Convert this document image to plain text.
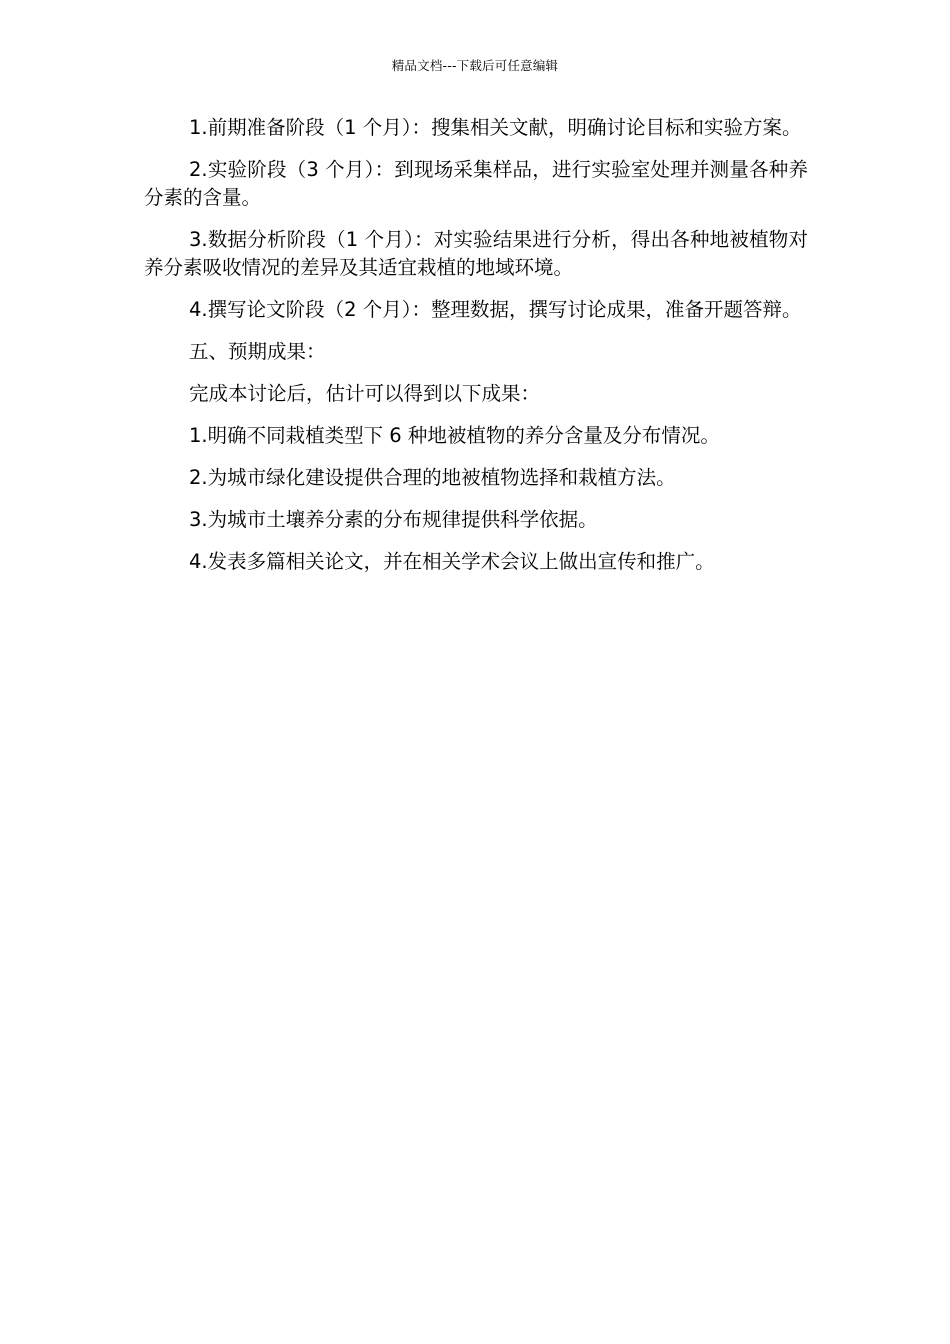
精品文档---下载后可任意编辑

1.前期准备阶段（1 个月）：搜集相关文献，明确讨论目标和实验方案。

2.实验阶段（3 个月）：到现场采集样品，进行实验室处理并测量各种养分素的含量。

3.数据分析阶段（1 个月）：对实验结果进行分析，得出各种地被植物对养分素吸收情况的差异及其适宜栽植的地域环境。

4.撰写论文阶段（2 个月）：整理数据，撰写讨论成果，准备开题答辩。

五、预期成果：

完成本讨论后，估计可以得到以下成果：

1.明确不同栽植类型下 6 种地被植物的养分含量及分布情况。

2.为城市绿化建设提供合理的地被植物选择和栽植方法。

3.为城市土壤养分素的分布规律提供科学依据。

4.发表多篇相关论文，并在相关学术会议上做出宣传和推广。
